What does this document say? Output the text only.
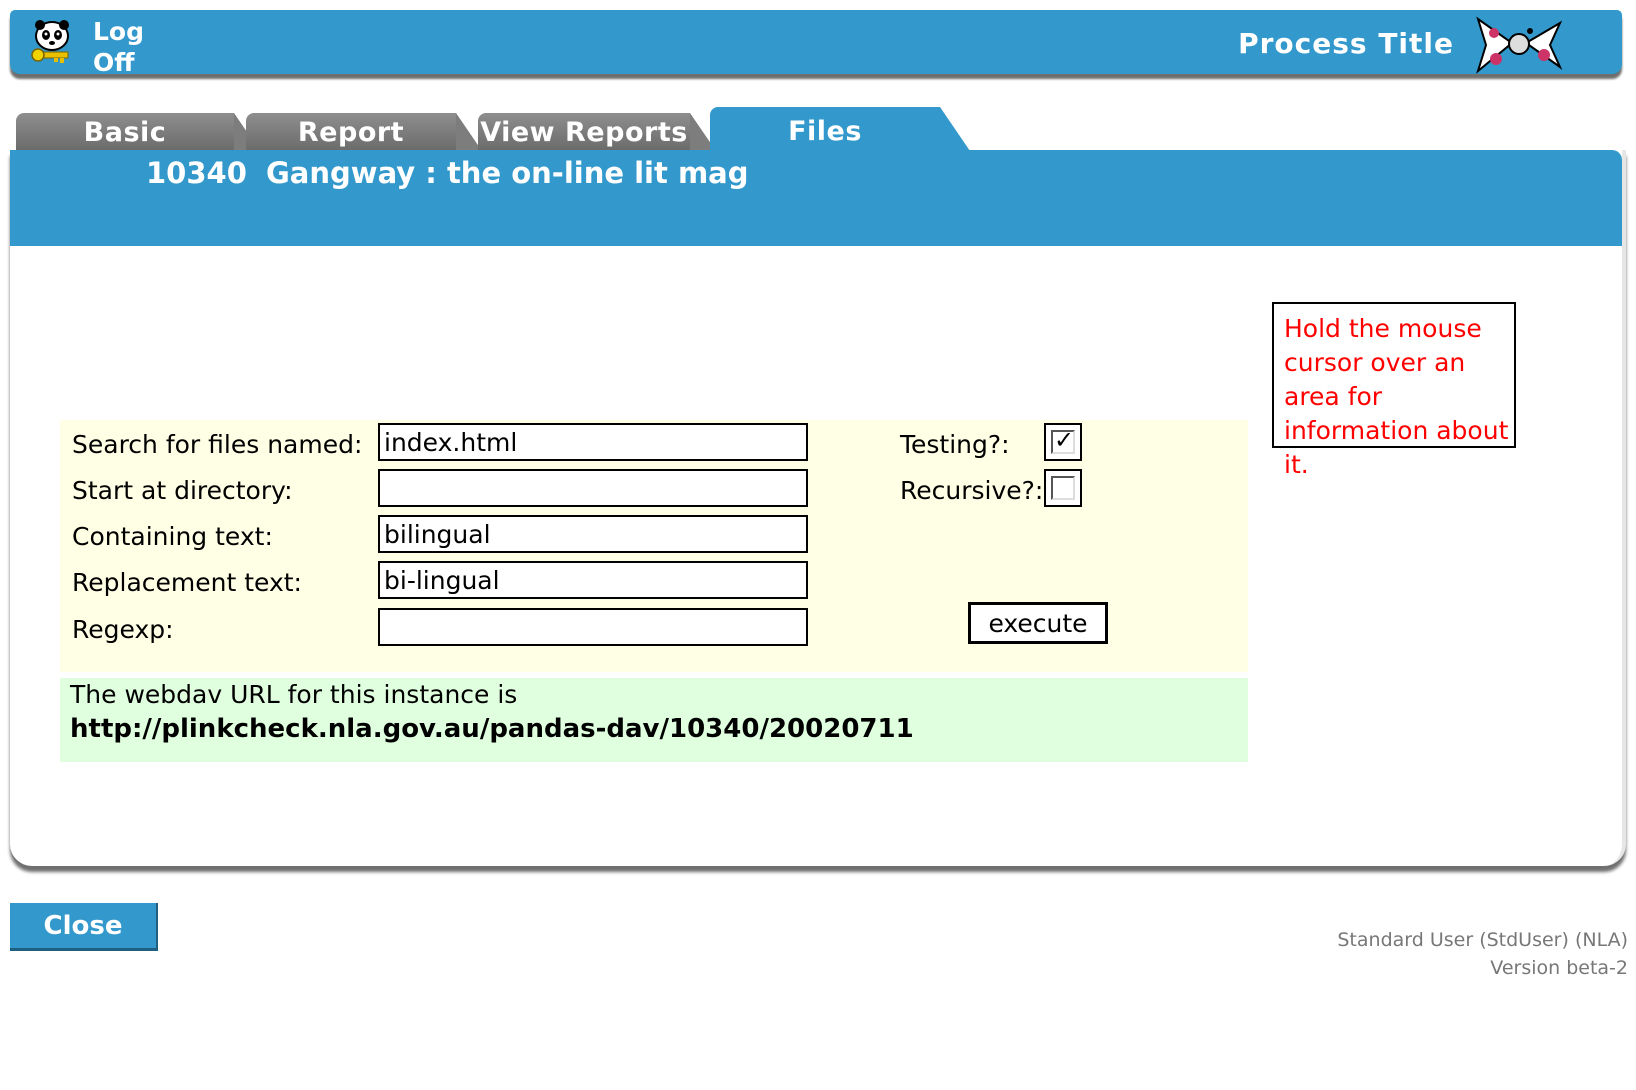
Log
Off
Process Title
Basic	Report	View Reports	Files
10340 Gangway : the on-line lit mag
Hold the mouse cursor over an area for information about it.
Search for files named:
index.html
Start at directory:
Containing text:
bilingual
Replacement text:
bi-lingual
Regexp:
Testing?: ✓
Recursive?:
execute
The webdav URL for this instance is
http://plinkcheck.nla.gov.au/pandas-dav/10340/20020711
Close	Standard User (StdUser) (NLA)
Version beta-2
